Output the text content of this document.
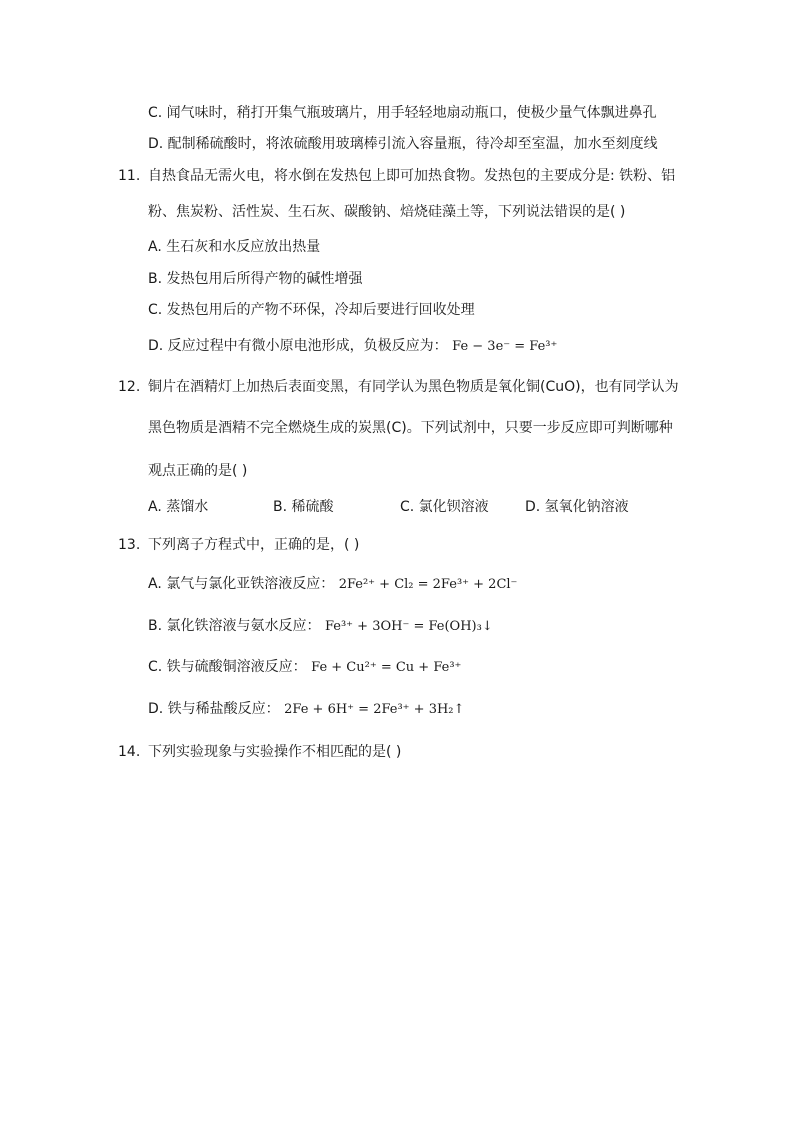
C. 闻气味时，稍打开集气瓶玻璃片，用手轻轻地扇动瓶口，使极少量气体飘进鼻孔
D. 配制稀硫酸时，将浓硫酸用玻璃棒引流入容量瓶，待冷却至室温，加水至刻度线
11. 自热食品无需火电，将水倒在发热包上即可加热食物。发热包的主要成分是: 铁粉、铝
粉、焦炭粉、活性炭、生石灰、碳酸钠、焙烧硅藻土等，下列说法错误的是( )
A. 生石灰和水反应放出热量
B. 发热包用后所得产物的碱性增强
C. 发热包用后的产物不环保，冷却后要进行回收处理
D. 反应过程中有微小原电池形成，负极反应为： Fe − 3e⁻ = Fe³⁺
12. 铜片在酒精灯上加热后表面变黑，有同学认为黑色物质是氧化铜(CuO)，也有同学认为
黑色物质是酒精不完全燃烧生成的炭黑(C)。下列试剂中，只要一步反应即可判断哪种
观点正确的是( )
A. 蒸馏水	B. 稀硫酸	C. 氯化钡溶液	D. 氢氧化钠溶液
13. 下列离子方程式中，正确的是，( )
A. 氯气与氯化亚铁溶液反应： 2Fe²⁺ + Cl₂ = 2Fe³⁺ + 2Cl⁻
B. 氯化铁溶液与氨水反应： Fe³⁺ + 3OH⁻ = Fe(OH)₃↓
C. 铁与硫酸铜溶液反应： Fe + Cu²⁺ = Cu + Fe³⁺
D. 铁与稀盐酸反应： 2Fe + 6H⁺ = 2Fe³⁺ + 3H₂↑
14. 下列实验现象与实验操作不相匹配的是( )
